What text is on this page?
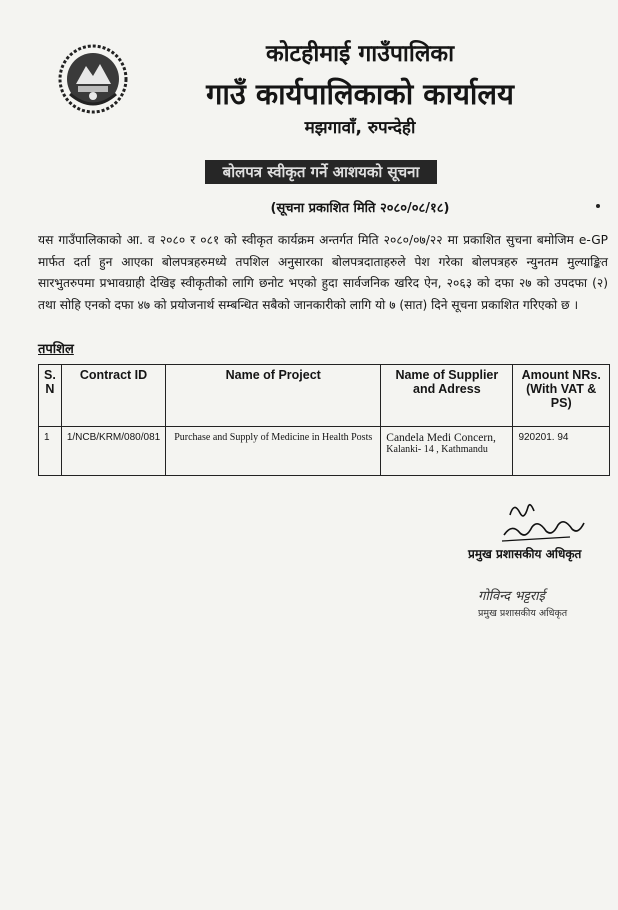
कोटहीमाई गाउँपालिका
गाउँ कार्यपालिकाको कार्यालय
मझगावाँ, रुपन्देही
बोलपत्र स्वीकृत गर्ने आशयको सूचना
(सूचना प्रकाशित मिति २०८०/०८/१८)
यस गाउँपालिकाको आ. व २०८० र ०८१ को स्वीकृत कार्यक्रम अन्तर्गत मिति २०८०/०७/२२ मा प्रकाशित सुचना बमोजिम e-GP मार्फत दर्ता हुन आएका बोलपत्रहरुमध्ये तपशिल अनुसारका बोलपत्रदाताहरुले पेश गरेका बोलपत्रहरु न्युनतम मुल्याङ्कित सारभुतरुपमा प्रभावग्राही देखिइ स्वीकृतीको लागि छनोट भएको हुदा सार्वजनिक खरिद ऐन, २०६३ को दफा २७ को उपदफा (२) तथा सोहि एनको दफा ४७ को प्रयोजनार्थ सम्बन्धित सबैको जानकारीको लागि यो ७ (सात) दिने सूचना प्रकाशित गरिएको छ ।
तपशिल
S. N	Contract ID	Name of Project	Name of Supplier and Adress	Amount NRs. (With VAT & PS)
1	1/NCB/KRM/080/081	Purchase and Supply of Medicine in Health Posts	Candela Medi Concern,
Kalanki- 14 , Kathmandu	920201. 94
प्रमुख प्रशासकीय अधिकृत
गोविन्द भट्टराई
प्रमुख प्रशासकीय अधिकृत
